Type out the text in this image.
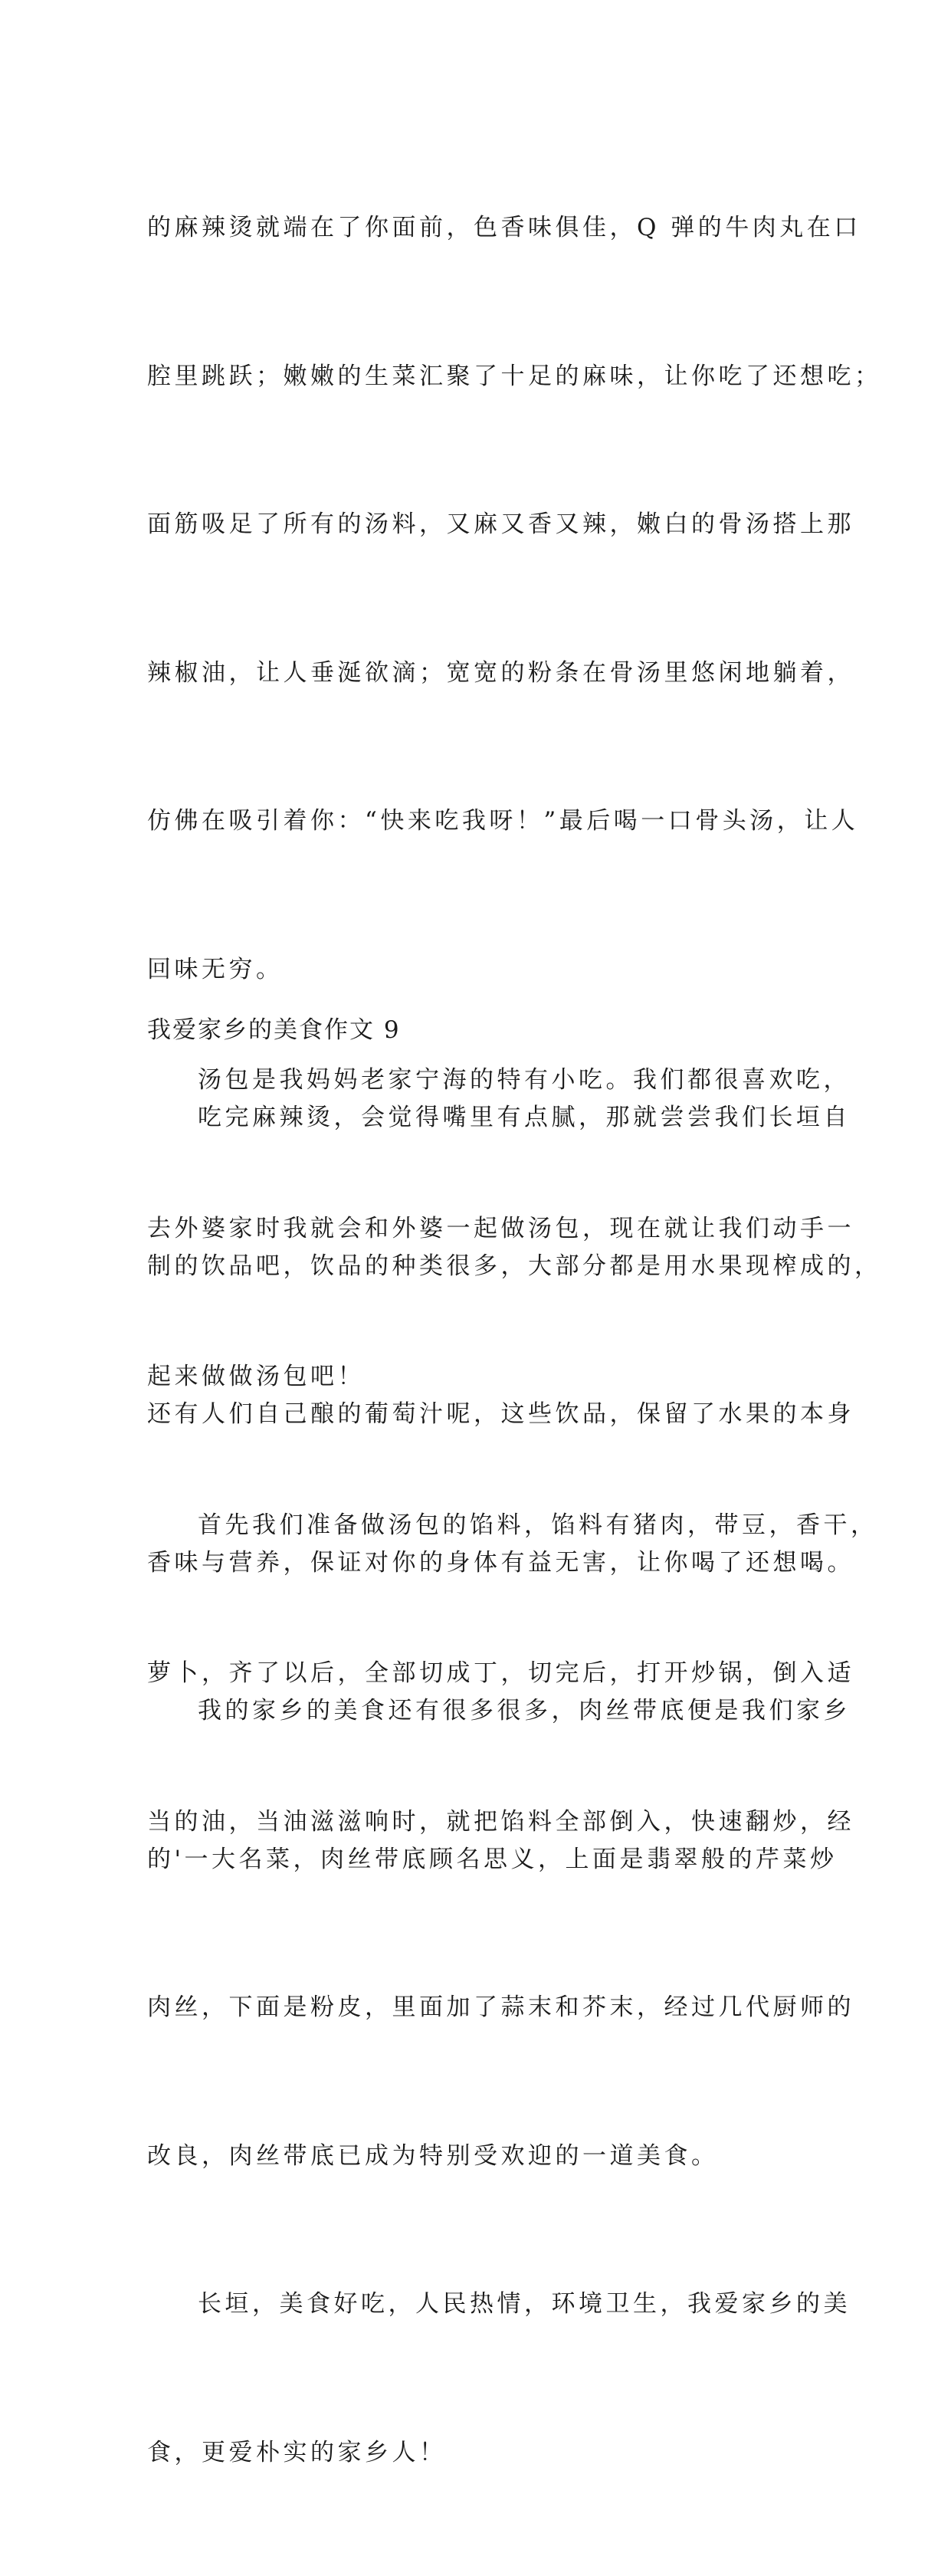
的麻辣烫就端在了你面前，色香味俱佳，Q 弹的牛肉丸在口

腔里跳跃；嫩嫩的生菜汇聚了十足的麻味，让你吃了还想吃；

面筋吸足了所有的汤料，又麻又香又辣，嫩白的骨汤搭上那

辣椒油，让人垂涎欲滴；宽宽的粉条在骨汤里悠闲地躺着，

仿佛在吸引着你：“快来吃我呀！”最后喝一口骨头汤，让人

回味无穷。

吃完麻辣烫，会觉得嘴里有点腻，那就尝尝我们长垣自

制的饮品吧，饮品的种类很多，大部分都是用水果现榨成的，

还有人们自己酿的葡萄汁呢，这些饮品，保留了水果的本身

香味与营养，保证对你的身体有益无害，让你喝了还想喝。

我的家乡的美食还有很多很多，肉丝带底便是我们家乡

的'一大名菜，肉丝带底顾名思义，上面是翡翠般的芹菜炒

肉丝，下面是粉皮，里面加了蒜末和芥末，经过几代厨师的

改良，肉丝带底已成为特别受欢迎的一道美食。

长垣，美食好吃，人民热情，环境卫生，我爱家乡的美

食，更爱朴实的家乡人！

我爱家乡的美食作文 9

汤包是我妈妈老家宁海的特有小吃。我们都很喜欢吃，

去外婆家时我就会和外婆一起做汤包，现在就让我们动手一

起来做做汤包吧！

首先我们准备做汤包的馅料，馅料有猪肉，带豆，香干，

萝卜，齐了以后，全部切成丁，切完后，打开炒锅，倒入适

当的油，当油滋滋响时，就把馅料全部倒入，快速翻炒，经
